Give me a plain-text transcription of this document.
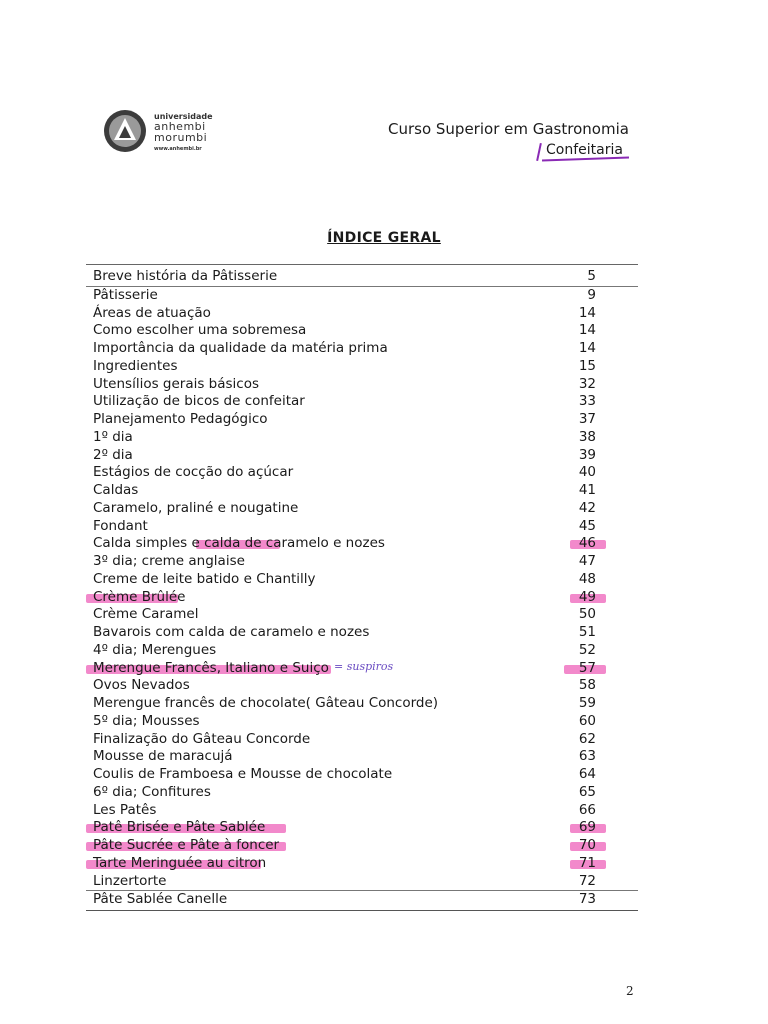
universidade
anhembi
morumbi
www.anhembi.br
Curso Superior em Gastronomia
Confeitaria
ÍNDICE GERAL
Breve história da Pâtisserie	5
Pâtisserie	9
Áreas de atuação	14
Como escolher uma sobremesa	14
Importância da qualidade da matéria prima	14
Ingredientes	15
Utensílios gerais básicos	32
Utilização de bicos de confeitar	33
Planejamento Pedagógico	37
1º dia	38
2º dia	39
Estágios de cocção do açúcar	40
Caldas	41
Caramelo, praliné e nougatine	42
Fondant	45
Calda simples e calda de caramelo e nozes	46
3º dia; creme anglaise	47
Creme de leite batido e Chantilly	48
Crème Brûlée	49
Crème Caramel	50
Bavarois com calda de caramelo e nozes	51
4º dia; Merengues	52
Merengue Francês, Italiano e Suiço	57
= suspiros
Ovos Nevados	58
Merengue francês de chocolate( Gâteau Concorde)	59
5º dia; Mousses	60
Finalização do Gâteau Concorde	62
Mousse de maracujá	63
Coulis de Framboesa e Mousse de chocolate	64
6º dia; Confitures	65
Les Patês	66
Patê Brisée e Pâte Sablée	69
Pâte Sucrée e Pâte à foncer	70
Tarte Meringuée au citron	71
Linzertorte	72
Pâte Sablée Canelle	73
2
